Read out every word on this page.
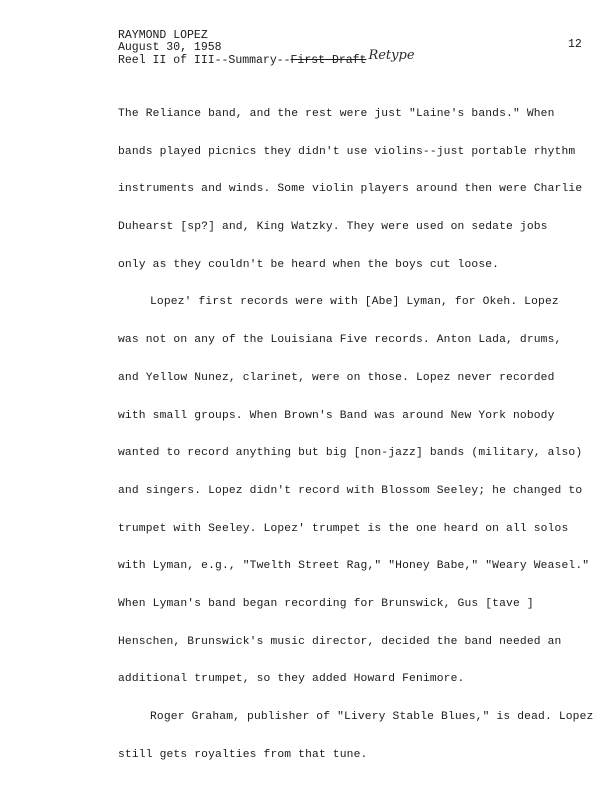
RAYMOND LOPEZ
August 30, 1958
Reel II of III--Summary--First Draft Retype
12
The Reliance band, and the rest were just "Laine's bands." When
bands played picnics they didn't use violins--just portable rhythm
instruments and winds. Some violin players around then were Charlie
Duhearst [sp?] and, King Watzky. They were used on sedate jobs
only as they couldn't be heard when the boys cut loose.
Lopez' first records were with [Abe] Lyman, for Okeh. Lopez
was not on any of the Louisiana Five records. Anton Lada, drums,
and Yellow Nunez, clarinet, were on those. Lopez never recorded
with small groups. When Brown's Band was around New York nobody
wanted to record anything but big [non-jazz] bands (military, also)
and singers. Lopez didn't record with Blossom Seeley; he changed to
trumpet with Seeley. Lopez' trumpet is the one heard on all solos
with Lyman, e.g., "Twelth Street Rag," "Honey Babe," "Weary Weasel."
When Lyman's band began recording for Brunswick, Gus [tave ]
Henschen, Brunswick's music director, decided the band needed an
additional trumpet, so they added Howard Fenimore.
Roger Graham, publisher of "Livery Stable Blues," is dead. Lopez
still gets royalties from that tune.
